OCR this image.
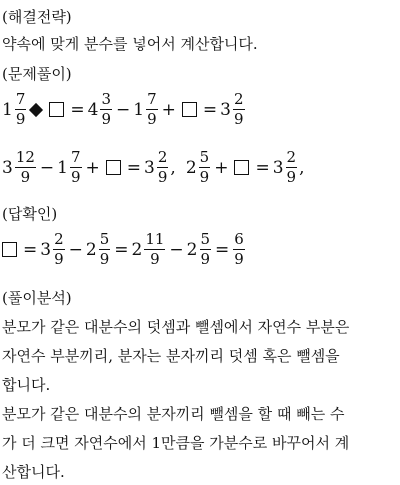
(해결전략)
약속에 맞게 분수를 넣어서 계산합니다.
(문제풀이)
$1 \frac{7}{9}$	= $4 \frac{3}{9} - 1 \frac{7}{9}$ + = $3 \frac{2}{9}$
$3 \frac{12}{9} - 1 \frac{7}{9}$ + = $3 \frac{2}{9}$ , $2 \frac{5}{9}$ + = $3 \frac{2}{9}$ ,
(답확인)
= $3 \frac{2}{9} - 2 \frac{5}{9} = 2 \frac{11}{9} - 2 \frac{5}{9} = \frac{6}{9}$
(풀이분석)
분모가 같은 대분수의 덧셈과 뺄셈에서 자연수 부분은
자연수 부분끼리, 분자는 분자끼리 덧셈 혹은 뺄셈을
합니다.
분모가 같은 대분수의 분자끼리 뺄셈을 할 때 빼는 수
가 더 크면 자연수에서 1만큼을 가분수로 바꾸어서 계
산합니다.
